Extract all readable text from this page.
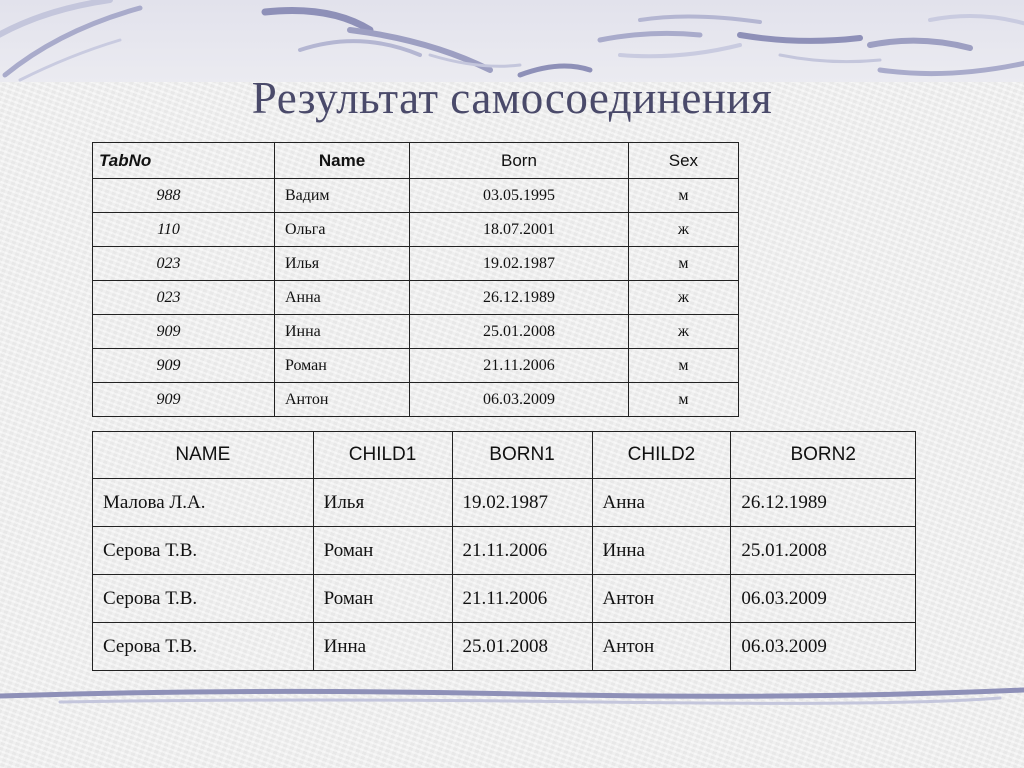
Результат самосоединения
TabNo	Name	Born	Sex
988	Вадим	03.05.1995	м
110	Ольга	18.07.2001	ж
023	Илья	19.02.1987	м
023	Анна	26.12.1989	ж
909	Инна	25.01.2008	ж
909	Роман	21.11.2006	м
909	Антон	06.03.2009	м
NAME	CHILD1	BORN1	CHILD2	BORN2
Малова Л.А.	Илья	19.02.1987	Анна	26.12.1989
Серова Т.В.	Роман	21.11.2006	Инна	25.01.2008
Серова Т.В.	Роман	21.11.2006	Антон	06.03.2009
Серова Т.В.	Инна	25.01.2008	Антон	06.03.2009
